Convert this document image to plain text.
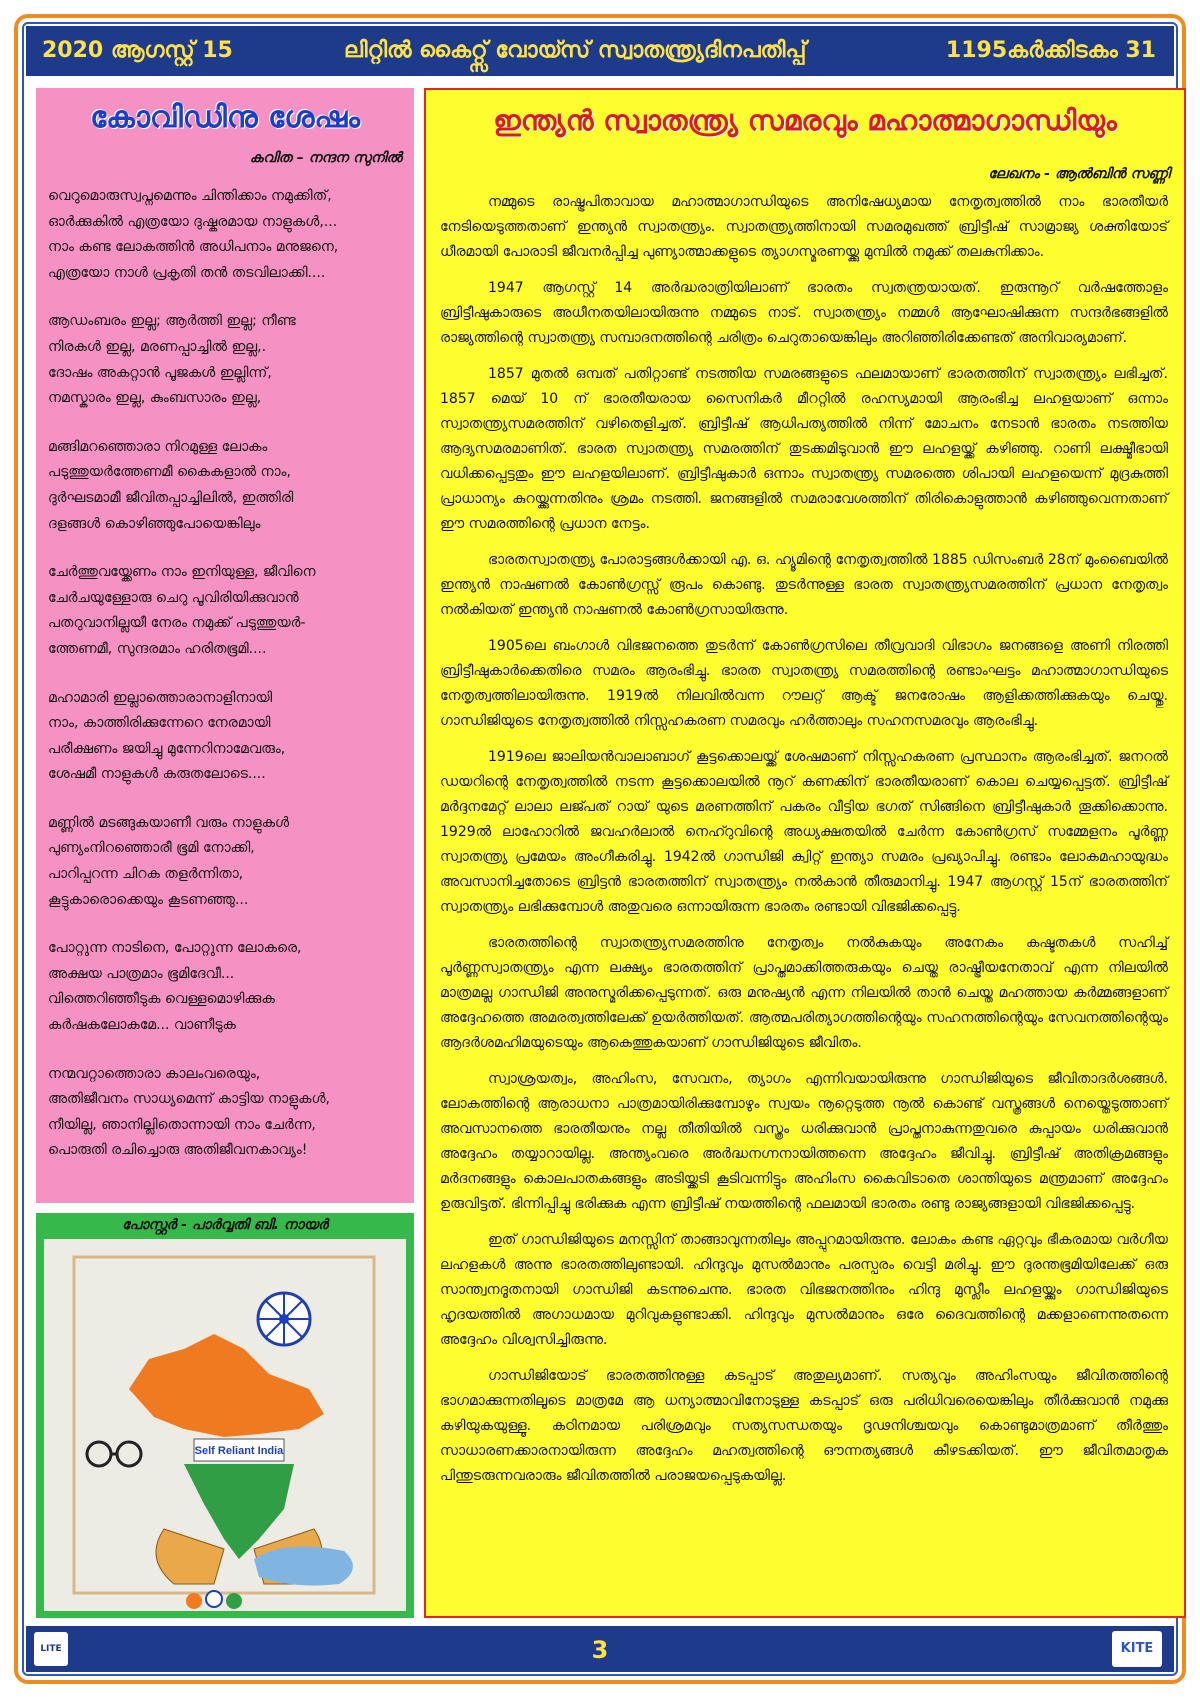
2020 ആഗസ്റ്റ് 15	ലിറ്റിൽ കൈറ്റ്സ് വോയ്സ് സ്വാതന്ത്ര്യദിനപതിപ്പ്	1195കർക്കിടകം 31
കോവിഡിനു ശേഷം
കവിത – നന്ദന സുനിൽ

വെറുമൊരുസ്വപ്നമെന്നും ചിന്തിക്കാം നമുക്കിത്,

ഓർക്കുകിൽ എത്രയോ ദുഷ്കരമായ നാളുകൾ,...

നാം കണ്ട ലോകത്തിൻ അധിപനാം മനുജനെ,

എത്രയോ നാൾ പ്രകൃതി തൻ തടവിലാക്കി....

ആഡംബരം ഇല്ല; ആർത്തി ഇല്ല; നീണ്ട

നിരകൾ ഇല്ല, മരണപ്പാച്ചിൽ ഇല്ല,.

ദോഷം അകറ്റാൻ പൂജകൾ ഇല്ലിന്ന്,

നമസ്കാരം ഇല്ല, കുംബസാരം ഇല്ല,

മങ്ങിമറഞ്ഞൊരാ നിറമുള്ള ലോകം

പടുത്തുയർത്തേണമീ കൈകളാൽ നാം,

ദുർഘടമാമീ ജീവിതപ്പാച്ചിലിൽ, ഇത്തിരി

ദളങ്ങൾ കൊഴിഞ്ഞുപോയെങ്കിലും

ചേർത്തുവയ്ക്കേണം നാം ഇനിയുള്ള, ജീവിനെ

ചേർചയുള്ളോരു ചെറു പൂവിരിയിക്കുവാൻ

പതറുവാനില്ലയീ നേരം നമുക്ക് പടുത്തുയർ-

ത്തേണമീ, സുന്ദരമാം ഹരിതഭൂമി....

മഹാമാരി ഇല്ലാത്തൊരാനാളിനായി

നാം, കാത്തിരിക്കുന്നേറെ നേരമായി

പരീക്ഷണം ജയിച്ചു മുന്നേറിനാമേവരും,

ശേഷമീ നാളുകൾ കരുതലോടെ....

മണ്ണിൽ മടങ്ങുകയാണീ വരും നാളുകൾ

പുണ്യംനിറഞ്ഞൊരീ ഭൂമി നോക്കി,

പാറിപ്പറന്ന ചിറക തളർന്നിതാ,

കൂട്ടുകാരൊക്കെയും കൂടണഞ്ഞു...

പോറ്റുന്ന നാടിനെ, പോറ്റുന്ന ലോകരെ,

അക്ഷയ പാത്രമാം ഭൂമിദേവീ...

വിത്തെറിഞ്ഞീടുക വെള്ളമൊഴിക്കുക

കർഷകലോകമേ... വാണീടുക

നന്മവറ്റാത്തൊരാ കാലംവരെയും,

അതിജീവനം സാധ്യമെന്ന് കാട്ടിയ നാളുകൾ,

നീയില്ല, ഞാനില്ലിതൊന്നായി നാം ചേർന്ന,

പൊരുതി രചിച്ചൊരു അതിജീവനകാവ്യം!

പോസ്റ്റർ - പാർവ്വതി ബി. നായർ
Self Reliant India
ഇന്ത്യൻ സ്വാതന്ത്ര്യ സമരവും മഹാത്മാഗാന്ധിയും
ലേഖനം - ആൽബിൻ സണ്ണി

നമ്മുടെ രാഷ്ട്രപിതാവായ മഹാത്മാഗാന്ധിയുടെ അനിഷേധ്യമായ നേതൃത്വത്തിൽ നാം ഭാരതീയർ നേടിയെടുത്തതാണ് ഇന്ത്യൻ സ്വാതന്ത്ര്യം. സ്വാതന്ത്ര്യത്തിനായി സമരമുഖത്ത് ബ്രിട്ടീഷ് സാമ്രാജ്യ ശക്തിയോട് ധീരമായി പോരാടി ജീവനർപ്പിച്ച പുണ്യാത്മാക്കളുടെ ത്യാഗസ്മരണയ്ക്കു മുമ്പിൽ നമുക്ക് തലകുനിക്കാം.

1947 ആഗസ്റ്റ് 14 അർദ്ധരാത്രിയിലാണ് ഭാരതം സ്വതന്ത്രയായത്. ഇരുന്നൂറ് വർഷത്തോളം ബ്രിട്ടീഷുകാരുടെ അധീനതയിലായിരുന്നു നമ്മുടെ നാട്. സ്വാതന്ത്ര്യം നമ്മൾ ആഘോഷിക്കുന്ന സന്ദർഭങ്ങളിൽ രാജ്യത്തിന്റെ സ്വാതന്ത്ര്യ സമ്പാദനത്തിന്റെ ചരിത്രം ചെറുതായെങ്കിലും അറിഞ്ഞിരിക്കേണ്ടത് അനിവാര്യമാണ്.

1857 മുതൽ ഒമ്പത് പതിറ്റാണ്ട് നടത്തിയ സമരങ്ങളുടെ ഫലമായാണ് ഭാരതത്തിന് സ്വാതന്ത്ര്യം ലഭിച്ചത്. 1857 മെയ് 10 ന് ഭാരതീയരായ സൈനികർ മീററ്റിൽ രഹസ്യമായി ആരംഭിച്ച ലഹളയാണ് ഒന്നാം സ്വാതന്ത്ര്യസമരത്തിന് വഴിതെളിച്ചത്. ബ്രിട്ടീഷ് ആധിപത്യത്തിൽ നിന്ന് മോചനം നേടാൻ ഭാരതം നടത്തിയ ആദ്യസമരമാണിത്. ഭാരത സ്വാതന്ത്ര്യ സമരത്തിന് തുടക്കമിടുവാൻ ഈ ലഹളയ്ക്ക് കഴിഞ്ഞു. റാണി ലക്ഷ്മീഭായി വധിക്കപ്പെട്ടതും ഈ ലഹളയിലാണ്. ബ്രിട്ടീഷുകാർ ഒന്നാം സ്വാതന്ത്ര്യ സമരത്തെ ശിപായി ലഹളയെന്ന് മുദ്രകുത്തി പ്രാധാന്യം കുറയ്ക്കുന്നതിനും ശ്രമം നടത്തി. ജനങ്ങളിൽ സമരാവേശത്തിന് തിരികൊളുത്താൻ കഴിഞ്ഞുവെന്നതാണ് ഈ സമരത്തിന്റെ പ്രധാന നേട്ടം.

ഭാരതസ്വാതന്ത്ര്യ പോരാട്ടങ്ങൾക്കായി എ. ഒ. ഹ്യൂമിന്റെ നേതൃത്വത്തിൽ 1885 ഡിസംബർ 28ന് മുംബൈയിൽ ഇന്ത്യൻ നാഷണൽ കോൺഗ്രസ്സ് രൂപം കൊണ്ടു. തുടർന്നുള്ള ഭാരത സ്വാതന്ത്ര്യസമരത്തിന് പ്രധാന നേതൃത്വം നൽകിയത് ഇന്ത്യൻ നാഷണൽ കോൺഗ്രസായിരുന്നു.

1905ലെ ബംഗാൾ വിഭജനത്തെ തുടർന്ന് കോൺഗ്രസിലെ തീവ്രവാദി വിഭാഗം ജനങ്ങളെ അണി നിരത്തി ബ്രിട്ടീഷുകാർക്കെതിരെ സമരം ആരംഭിച്ചു. ഭാരത സ്വാതന്ത്ര്യ സമരത്തിന്റെ രണ്ടാംഘട്ടം മഹാത്മാഗാന്ധിയുടെ നേതൃത്വത്തിലായിരുന്നു. 1919ൽ നിലവിൽവന്ന റൗലറ്റ് ആക്ട് ജനരോഷം ആളിക്കത്തിക്കുകയും ചെയ്തു. ഗാന്ധിജിയുടെ നേതൃത്വത്തിൽ നിസ്സഹകരണ സമരവും ഹർത്താലും സഹനസമരവും ആരംഭിച്ചു.

1919ലെ ജാലിയൻവാലാബാഗ് കൂട്ടക്കൊലയ്ക്ക് ശേഷമാണ് നിസ്സഹകരണ പ്രസ്ഥാനം ആരംഭിച്ചത്. ജനറൽ ഡയറിന്റെ നേതൃത്വത്തിൽ നടന്ന കൂട്ടക്കൊലയിൽ നൂറ് കണക്കിന് ഭാരതീയരാണ് കൊല ചെയ്യപ്പെട്ടത്. ബ്രിട്ടീഷ് മർദ്ദനമേറ്റ് ലാലാ ലജ്പത് റായ് യുടെ മരണത്തിന് പകരം വീട്ടിയ ഭഗത് സിങ്ങിനെ ബ്രിട്ടീഷുകാർ തൂക്കിക്കൊന്നു. 1929ൽ ലാഹോറിൽ ജവഹർലാൽ നെഹ്റുവിന്റെ അധ്യക്ഷതയിൽ ചേർന്ന കോൺഗ്രസ് സമ്മേളനം പൂർണ്ണ സ്വാതന്ത്ര്യ പ്രമേയം അംഗീകരിച്ചു. 1942ൽ ഗാന്ധിജി ക്വിറ്റ് ഇന്ത്യാ സമരം പ്രഖ്യാപിച്ചു. രണ്ടാം ലോകമഹായുദ്ധം അവസാനിച്ചതോടെ ബ്രിട്ടൻ ഭാരതത്തിന് സ്വാതന്ത്ര്യം നൽകാൻ തീരുമാനിച്ചു. 1947 ആഗസ്റ്റ് 15ന് ഭാരതത്തിന് സ്വാതന്ത്ര്യം ലഭിക്കുമ്പോൾ അതുവരെ ഒന്നായിരുന്ന ഭാരതം രണ്ടായി വിഭജിക്കപ്പെട്ടു.

ഭാരതത്തിന്റെ സ്വാതന്ത്ര്യസമരത്തിനു നേതൃത്വം നൽകുകയും അനേകം കഷ്ടതകൾ സഹിച്ച് പൂർണ്ണസ്വാതന്ത്ര്യം എന്ന ലക്ഷ്യം ഭാരതത്തിന് പ്രാപ്തമാക്കിത്തരുകയും ചെയ്ത രാഷ്ട്രീയനേതാവ് എന്ന നിലയിൽ മാത്രമല്ല ഗാന്ധിജി അനുസ്മരിക്കപ്പെടുന്നത്. ഒരു മനുഷ്യൻ എന്ന നിലയിൽ താൻ ചെയ്ത മഹത്തായ കർമ്മങ്ങളാണ് അദ്ദേഹത്തെ അമരത്വത്തിലേക്ക് ഉയർത്തിയത്. ആത്മപരിത്യാഗത്തിന്റെയും സഹനത്തിന്റെയും സേവനത്തിന്റെയും ആദർശമഹിമയുടെയും ആകെത്തുകയാണ് ഗാന്ധിജിയുടെ ജീവിതം.

സ്വാശ്രയത്വം, അഹിംസ, സേവനം, ത്യാഗം എന്നിവയായിരുന്നു ഗാന്ധിജിയുടെ ജീവിതാദർശങ്ങൾ. ലോകത്തിന്റെ ആരാധനാ പാത്രമായിരിക്കുമ്പോഴും സ്വയം നൂറ്റെടുത്ത നൂൽ കൊണ്ട് വസ്ത്രങ്ങൾ നെയ്തെടുത്താണ് അവസാനത്തെ ഭാരതീയനും നല്ല തീതിയിൽ വസ്ത്രം ധരിക്കുവാൻ പ്രാപ്തനാകുന്നതുവരെ കുപ്പായം ധരിക്കുവാൻ അദ്ദേഹം തയ്യാറായില്ല. അന്ത്യംവരെ അർദ്ധനഗ്നനായിത്തന്നെ അദ്ദേഹം ജീവിച്ചു. ബ്രിട്ടീഷ് അതിക്രമങ്ങളും മർദനങ്ങളും കൊലപാതകങ്ങളും അടിയ്ക്കടി കൂടിവന്നിട്ടും അഹിംസ കൈവിടാതെ ശാന്തിയുടെ മന്ത്രമാണ് അദ്ദേഹം ഉരുവിട്ടത്. ഭിന്നിപ്പിച്ചു ഭരിക്കുക എന്ന ബ്രിട്ടീഷ് നയത്തിന്റെ ഫലമായി ഭാരതം രണ്ടു രാജ്യങ്ങളായി വിഭജിക്കപ്പെട്ടു.

ഇത് ഗാന്ധിജിയുടെ മനസ്സിന് താങ്ങാവുന്നതിലും അപ്പുറമായിരുന്നു. ലോകം കണ്ട ഏറ്റവും ഭീകരമായ വർഗീയ ലഹളകൾ അന്നു ഭാരതത്തിലുണ്ടായി. ഹിന്ദുവും മുസൽമാനും പരസ്പരം വെട്ടി മരിച്ചു. ഈ ദുരന്തഭൂമിയിലേക്ക് ഒരു സാന്ത്വനദൂതനായി ഗാന്ധിജി കടന്നുചെന്നു. ഭാരത വിഭജനത്തിനും ഹിന്ദു മുസ്ലീം ലഹളയ്ക്കും ഗാന്ധിജിയുടെ ഹൃദയത്തിൽ അഗാധമായ മുറിവുകളുണ്ടാക്കി. ഹിന്ദുവും മുസൽമാനും ഒരേ ദൈവത്തിന്റെ മക്കളാണെന്നുതന്നെ അദ്ദേഹം വിശ്വസിച്ചിരുന്നു.

ഗാന്ധിജിയോട് ഭാരതത്തിനുള്ള കടപ്പാട് അതുല്യമാണ്. സത്യവും അഹിംസയും ജീവിതത്തിന്റെ ഭാഗമാക്കുന്നതിലൂടെ മാത്രമേ ആ ധന്യാത്മാവിനോടുള്ള കടപ്പാട് ഒരു പരിധിവരെയെങ്കിലും തീർക്കുവാൻ നമുക്കു കഴിയുകയുള്ളൂ. കഠിനമായ പരിശ്രമവും സത്യസന്ധതയും ദൃഢനിശ്ചയവും കൊണ്ടുമാത്രമാണ് തീർത്തും സാധാരണക്കാരനായിരുന്ന അദ്ദേഹം മഹത്വത്തിന്റെ ഔന്നത്യങ്ങൾ കീഴടക്കിയത്. ഈ ജീവിതമാതൃക പിന്തുടരുന്നവരാരും ജീവിതത്തിൽ പരാജയപ്പെടുകയില്ല.

LITE	3	KITE
